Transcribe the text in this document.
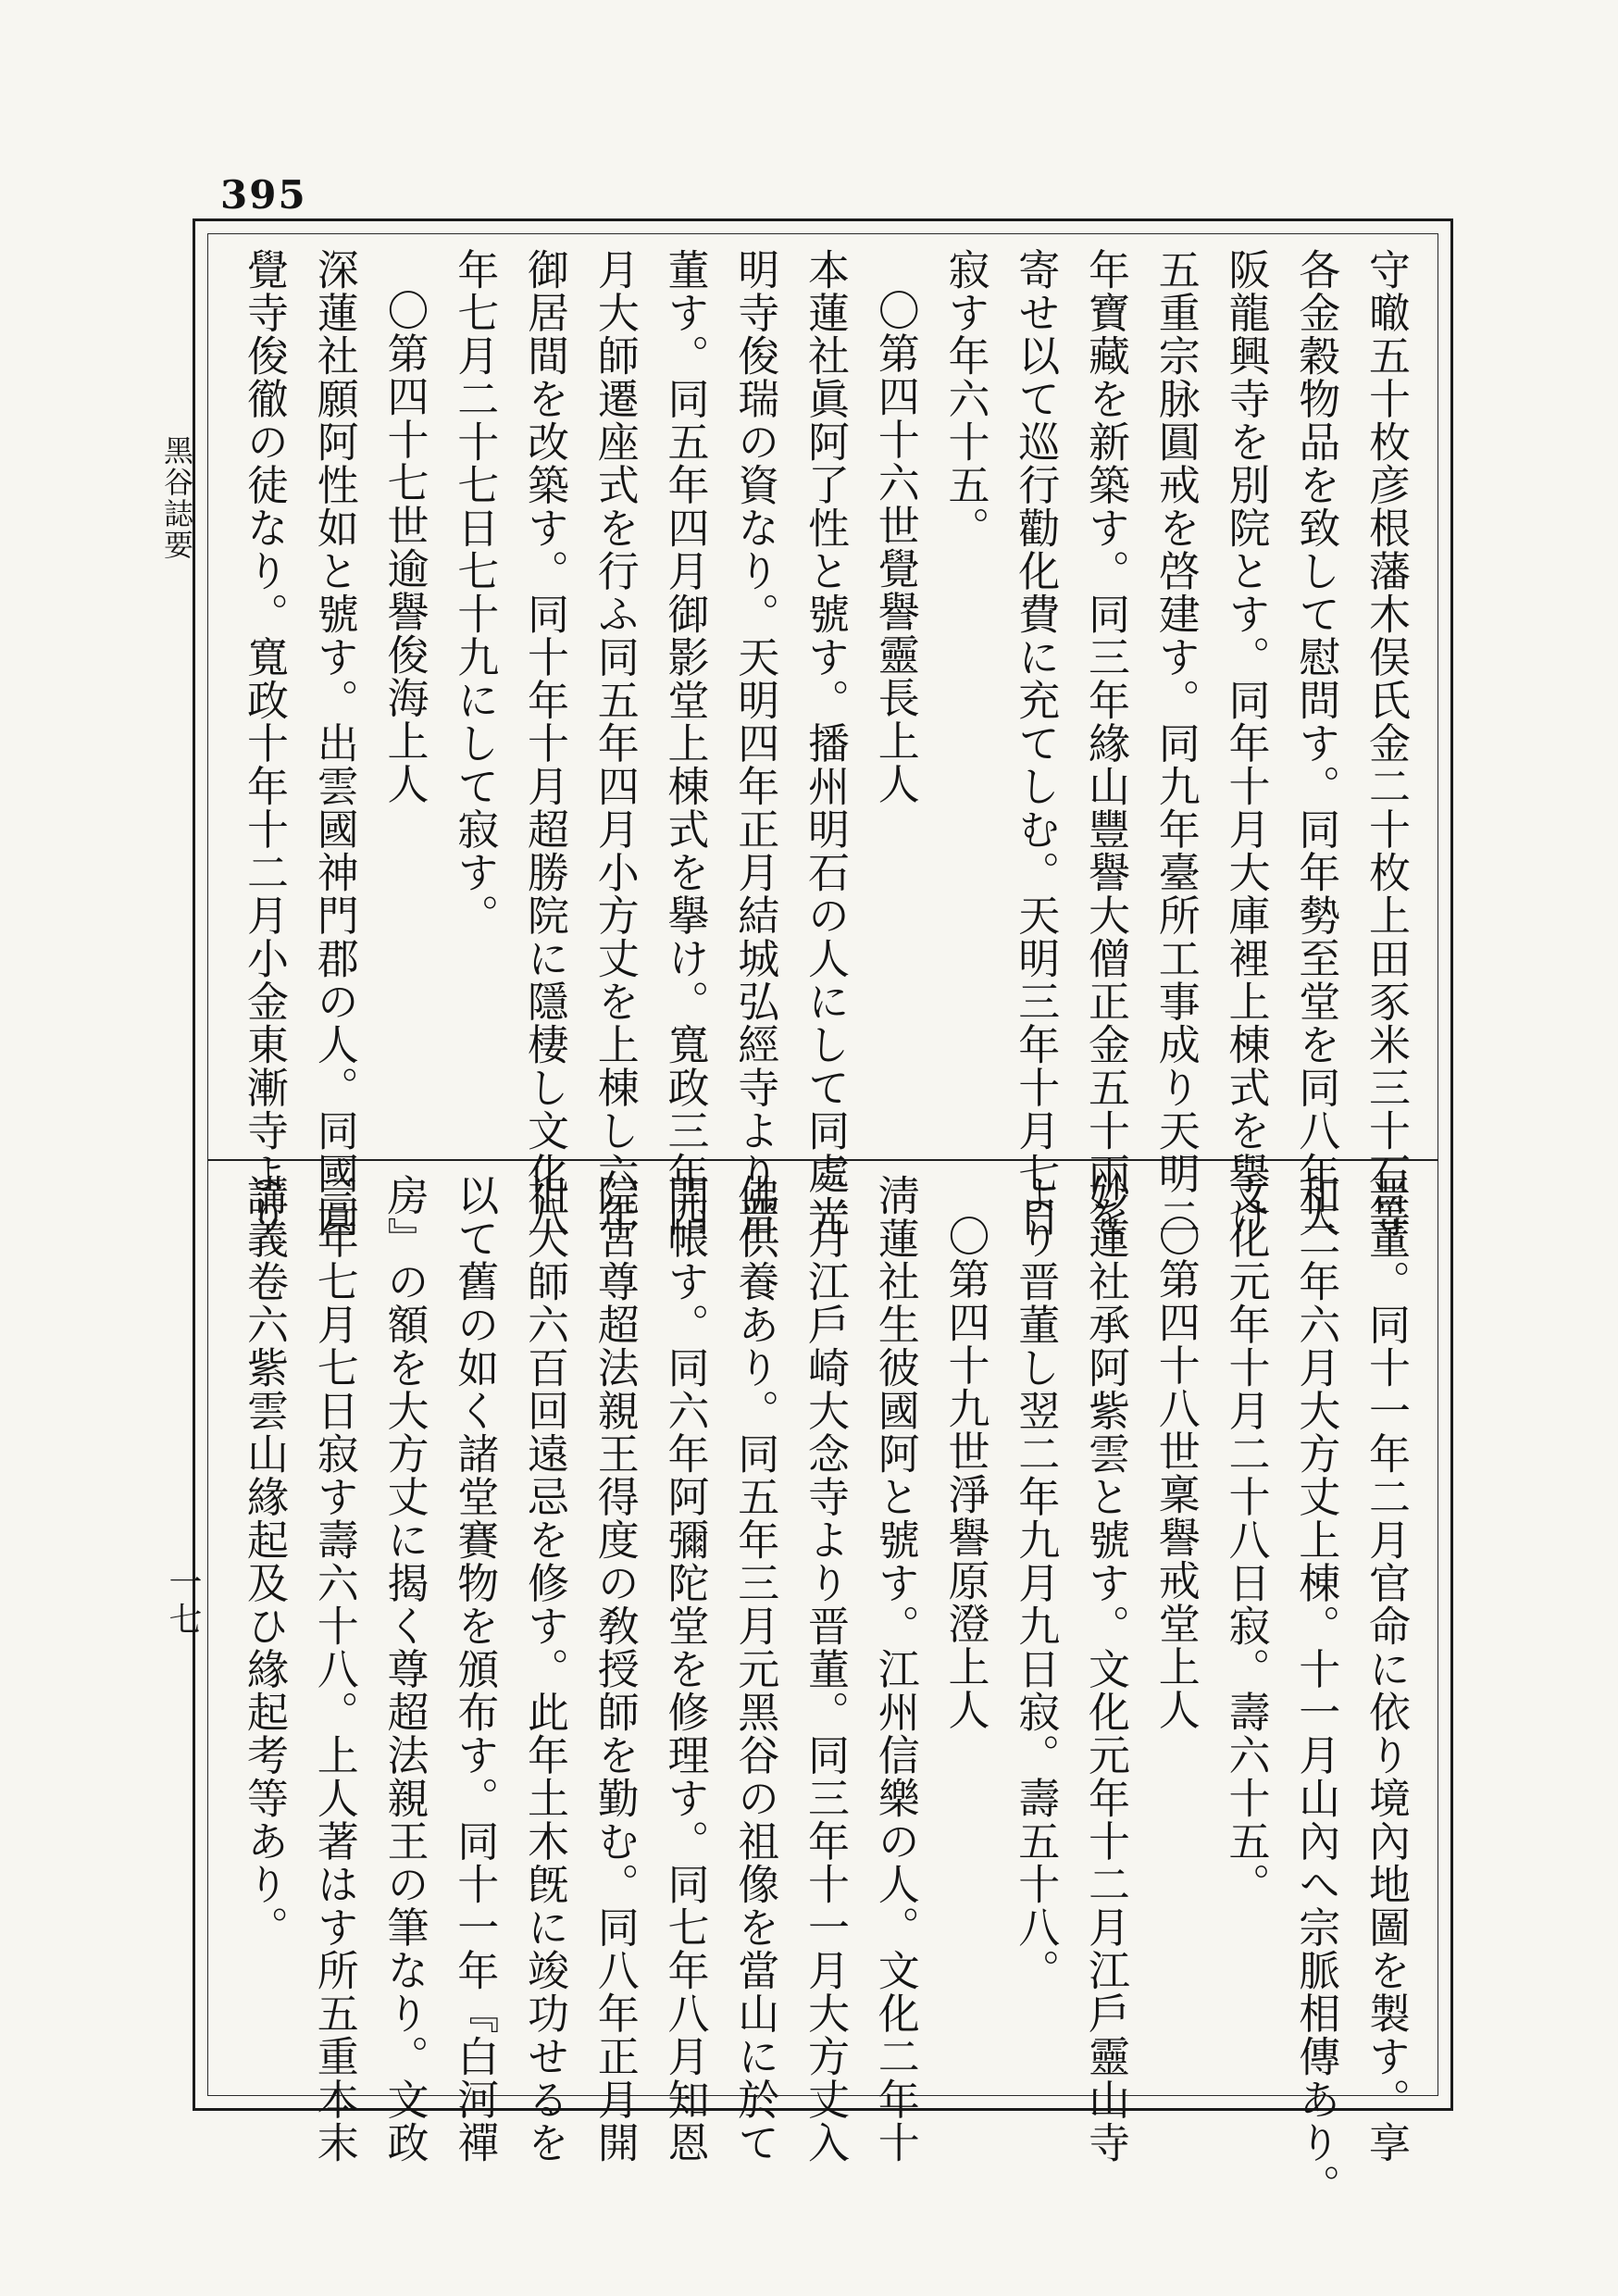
395
黑谷誌要
一七
守㬚五十枚彦根藩木俣氏金二十枚上田豕米三十石等
各金穀物品を致して慰問す。同年勢至堂を同八年大
阪龍興寺を別院とす。同年十月大庫裡上棟式を擧け
五重宗脉圓戒を啓建す。同九年臺所工事成り天明二
年寶藏を新築す。同三年緣山豐譽大僧正金五十兩を
寄せ以て巡行勸化費に充てしむ。天明三年十月七日
寂す年六十五。
〇第四十六世覺譽靈長上人
本蓮社眞阿了性と號す。播州明石の人にして同處光
明寺俊瑞の資なり。天明四年正月結城弘經寺より晋
董す。同五年四月御影堂上棟式を擧け。寬政三年四
月大師遷座式を行ふ同五年四月小方丈を上棟し六年
御居間を改築す。同十年十月超勝院に隱棲し文化八
年七月二十七日七十九にして寂す。
〇第四十七世逾譽俊海上人
深蓮社願阿性如と號す。出雲國神門郡の人。同國圓
覺寺俊徹の徒なり。寬政十年十二月小金東漸寺より
晋董。同十一年二月官命に依り境內地圖を製す。享
和二年六月大方丈上棟。十一月山內へ宗脈相傳あり。
文化元年十月二十八日寂。壽六十五。
〇第四十八世稟譽戒堂上人
妙蓮社承阿紫雲と號す。文化元年十二月江戶靈山寺
より晋董し翌二年九月九日寂。壽五十八。
〇第四十九世淨譽原澄上人
淸蓮社生彼國阿と號す。江州信樂の人。文化二年十
二月江戶崎大念寺より晋董。同三年十一月大方丈入
佛供養あり。同五年三月元黑谷の祖像を當山に於て
開帳す。同六年阿彌陀堂を修理す。同七年八月知恩
院宮尊超法親王得度の敎授師を勤む。同八年正月開
祖大師六百回遠忌を修す。此年土木旣に竣功せるを
以て舊の如く諸堂賽物を頒布す。同十一年『白河禪
房』の額を大方丈に揭く尊超法親王の筆なり。文政
三年七月七日寂す壽六十八。上人著はす所五重本末
講義卷六紫雲山緣起及ひ緣起考等あり。
